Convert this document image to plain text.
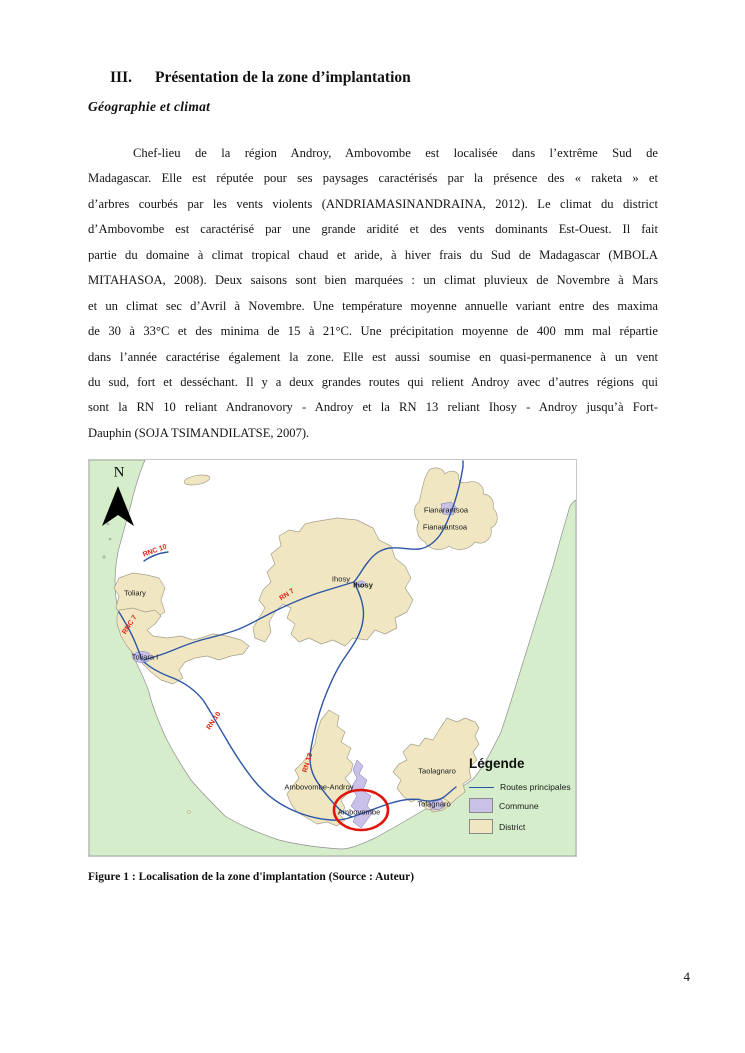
III.	Présentation de la zone d’implantation
Géographie et climat
Chef-lieu de la région Androy, Ambovombe est localisée dans l’extrême Sud de
Madagascar. Elle est réputée pour ses paysages caractérisés par la présence des « raketa » et
d’arbres courbés par les vents violents (ANDRIAMASINANDRAINA, 2012). Le climat du district
d’Ambovombe est caractérisé par une grande aridité et des vents dominants Est-Ouest. Il fait
partie du domaine à climat tropical chaud et aride, à hiver frais du Sud de Madagascar (MBOLA
MITAHASOA, 2008). Deux saisons sont bien marquées : un climat pluvieux de Novembre à Mars
et un climat sec d’Avril à Novembre. Une température moyenne annuelle variant entre des maxima
de 30 à 33°C et des minima de 15 à 21°C. Une précipitation moyenne de 400 mm mal répartie
dans l’année caractérise également la zone. Elle est aussi soumise en quasi-permanence à un vent
du sud, fort et desséchant. Il y a deux grandes routes qui relient Androy avec d’autres régions qui
sont la RN 10 reliant Andranovory - Androy et la RN 13 reliant Ihosy - Androy jusqu’à Fort-
Dauphin (SOJA TSIMANDILATSE, 2007).
N
Fianarantsoa
Fianarantsoa
Ihosy
Ihosy
Toliary
Toliara I
Ambovombe-Androy
Ambovombe
Taolagnaro
Tolagnaro
RNC 10
RNC 7
RN 7
RN 10
RN 13	Légende
Routes principales
Commune
District
Figure 1 : Localisation de la zone d'implantation (Source : Auteur)
4
